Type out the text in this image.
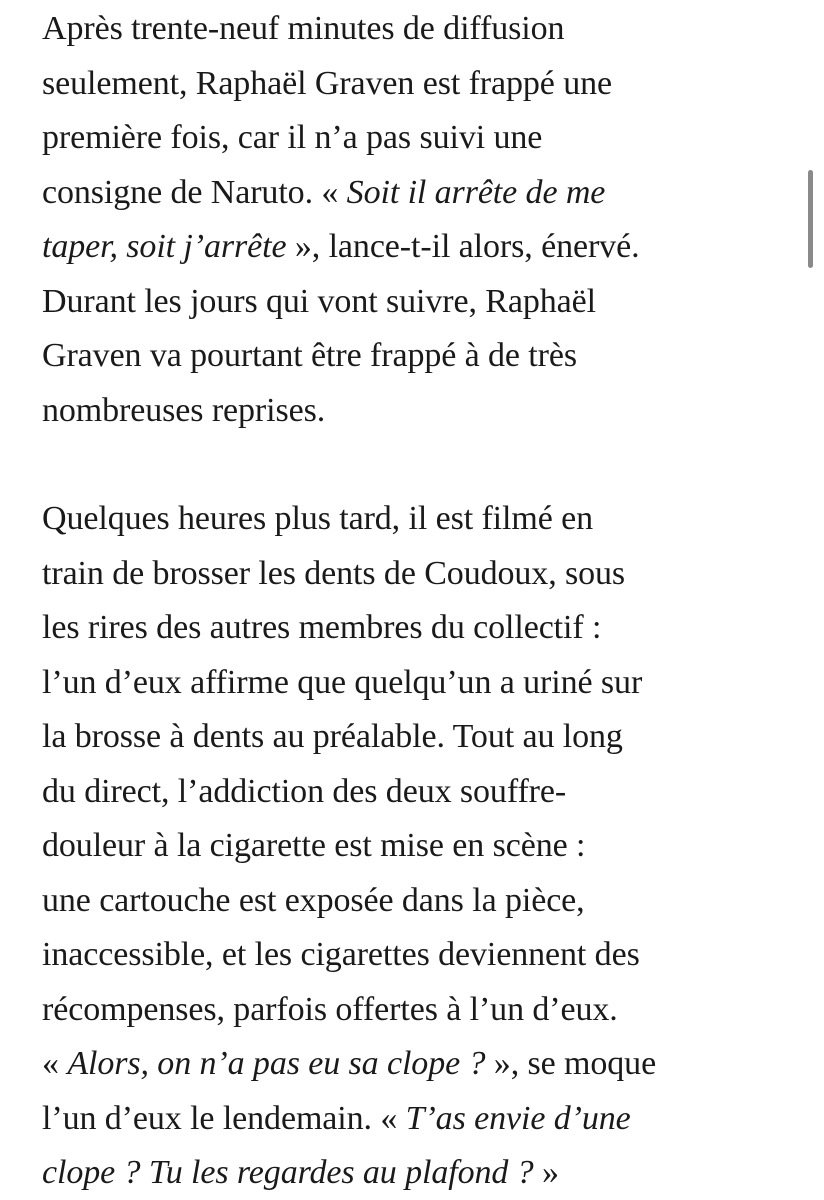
Après trente-neuf minutes de diffusion
seulement, Raphaël Graven est frappé une
première fois, car il n’a pas suivi une
consigne de Naruto. « Soit il arrête de me
taper, soit j’arrête », lance-t-il alors, énervé.
Durant les jours qui vont suivre, Raphaël
Graven va pourtant être frappé à de très
nombreuses reprises.

Quelques heures plus tard, il est filmé en
train de brosser les dents de Coudoux, sous
les rires des autres membres du collectif :
l’un d’eux affirme que quelqu’un a uriné sur
la brosse à dents au préalable. Tout au long
du direct, l’addiction des deux souffre-
douleur à la cigarette est mise en scène :
une cartouche est exposée dans la pièce,
inaccessible, et les cigarettes deviennent des
récompenses, parfois offertes à l’un d’eux.
« Alors, on n’a pas eu sa clope ? », se moque
l’un d’eux le lendemain. « T’as envie d’une
clope ? Tu les regardes au plafond ? »
